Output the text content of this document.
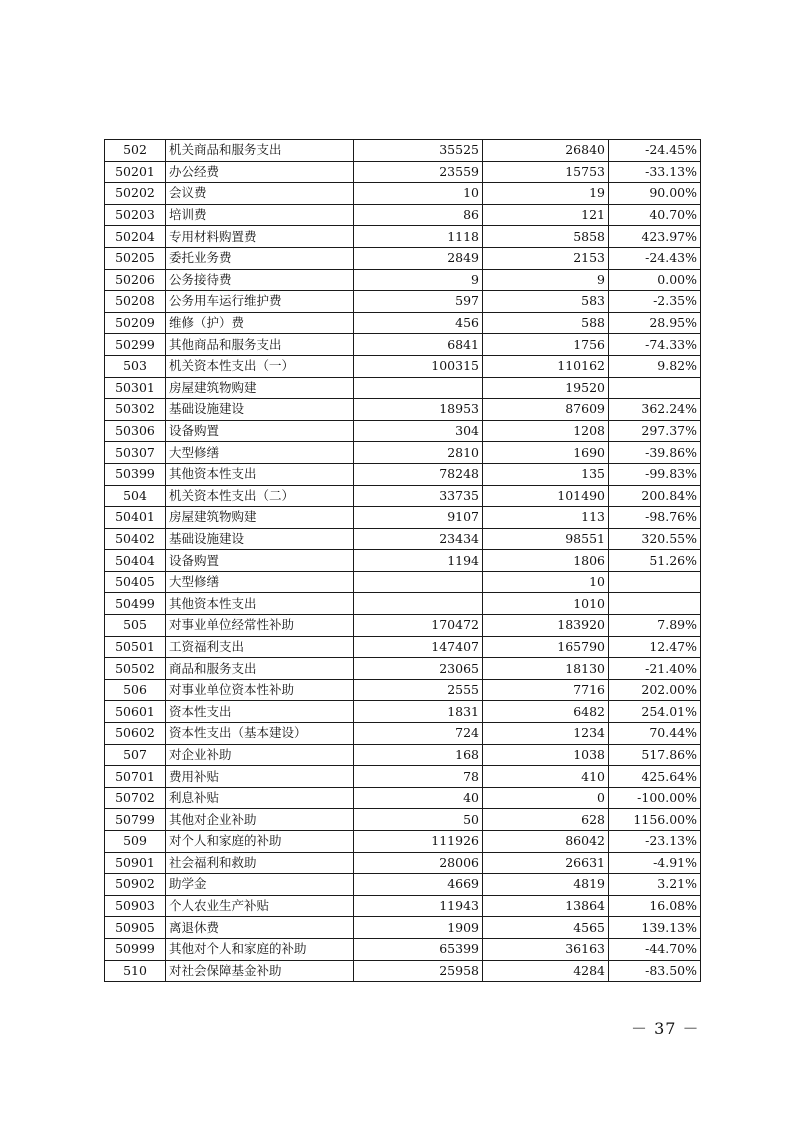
502	机关商品和服务支出	35525	26840	-24.45%
50201	办公经费	23559	15753	-33.13%
50202	会议费	10	19	90.00%
50203	培训费	86	121	40.70%
50204	专用材料购置费	1118	5858	423.97%
50205	委托业务费	2849	2153	-24.43%
50206	公务接待费	9	9	0.00%
50208	公务用车运行维护费	597	583	-2.35%
50209	维修（护）费	456	588	28.95%
50299	其他商品和服务支出	6841	1756	-74.33%
503	机关资本性支出（一）	100315	110162	9.82%
50301	房屋建筑物购建		19520	
50302	基础设施建设	18953	87609	362.24%
50306	设备购置	304	1208	297.37%
50307	大型修缮	2810	1690	-39.86%
50399	其他资本性支出	78248	135	-99.83%
504	机关资本性支出（二）	33735	101490	200.84%
50401	房屋建筑物购建	9107	113	-98.76%
50402	基础设施建设	23434	98551	320.55%
50404	设备购置	1194	1806	51.26%
50405	大型修缮		10	
50499	其他资本性支出		1010	
505	对事业单位经常性补助	170472	183920	7.89%
50501	工资福利支出	147407	165790	12.47%
50502	商品和服务支出	23065	18130	-21.40%
506	对事业单位资本性补助	2555	7716	202.00%
50601	资本性支出	1831	6482	254.01%
50602	资本性支出（基本建设）	724	1234	70.44%
507	对企业补助	168	1038	517.86%
50701	费用补贴	78	410	425.64%
50702	利息补贴	40	0	-100.00%
50799	其他对企业补助	50	628	1156.00%
509	对个人和家庭的补助	111926	86042	-23.13%
50901	社会福利和救助	28006	26631	-4.91%
50902	助学金	4669	4819	3.21%
50903	个人农业生产补贴	11943	13864	16.08%
50905	离退休费	1909	4565	139.13%
50999	其他对个人和家庭的补助	65399	36163	-44.70%
510	对社会保障基金补助	25958	4284	-83.50%
－ 37 －
